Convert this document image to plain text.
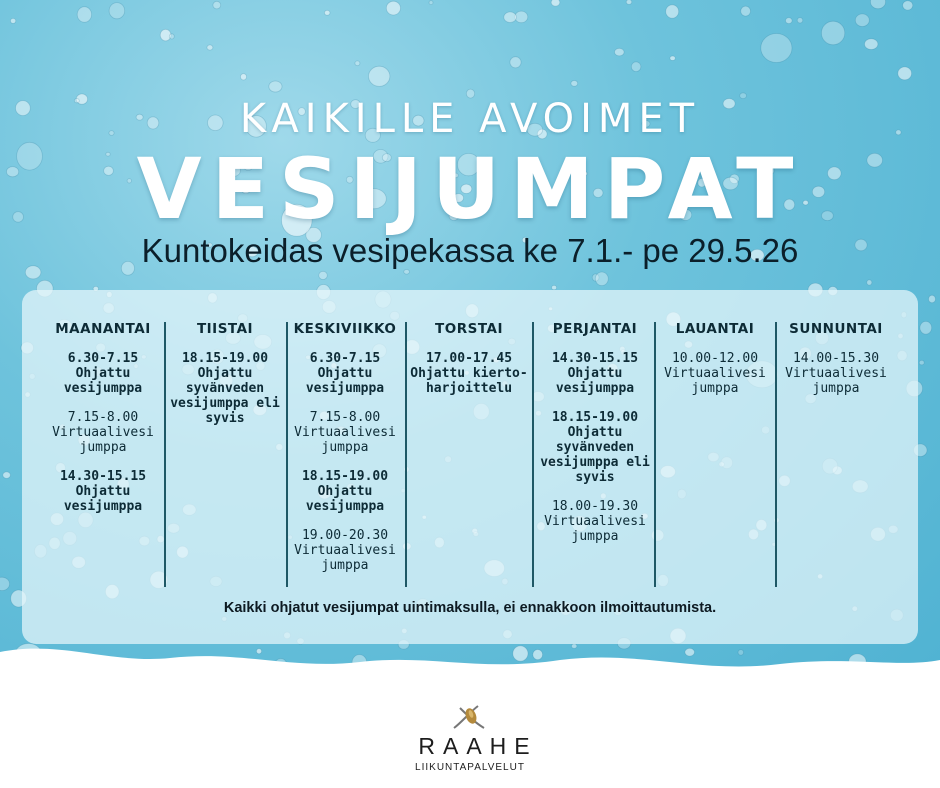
KAIKILLE AVOIMET
VESIJUMPAT
Kuntokeidas vesipekassa ke 7.1.- pe 29.5.26
MAANANTAI
6.30-7.15
Ohjattu vesijumppa
7.15-8.00
Virtuaalivesi jumppa
14.30-15.15
Ohjattu vesijumppa
TIISTAI
18.15-19.00
Ohjattu syvänveden vesijumppa eli syvis
KESKIVIIKKO
6.30-7.15
Ohjattu vesijumppa
7.15-8.00
Virtuaalivesi jumppa
18.15-19.00
Ohjattu vesijumppa
19.00-20.30
Virtuaalivesi jumppa
TORSTAI
17.00-17.45
Ohjattu kierto- harjoittelu
PERJANTAI
14.30-15.15
Ohjattu vesijumppa
18.15-19.00
Ohjattu syvänveden vesijumppa eli syvis
18.00-19.30
Virtuaalivesi jumppa
LAUANTAI
10.00-12.00
Virtuaalivesi jumppa
SUNNUNTAI
14.00-15.30
Virtuaalivesi jumppa
Kaikki ohjatut vesijumpat uintimaksulla, ei ennakkoon ilmoittautumista.
RAAHE
LIIKUNTAPALVELUT
